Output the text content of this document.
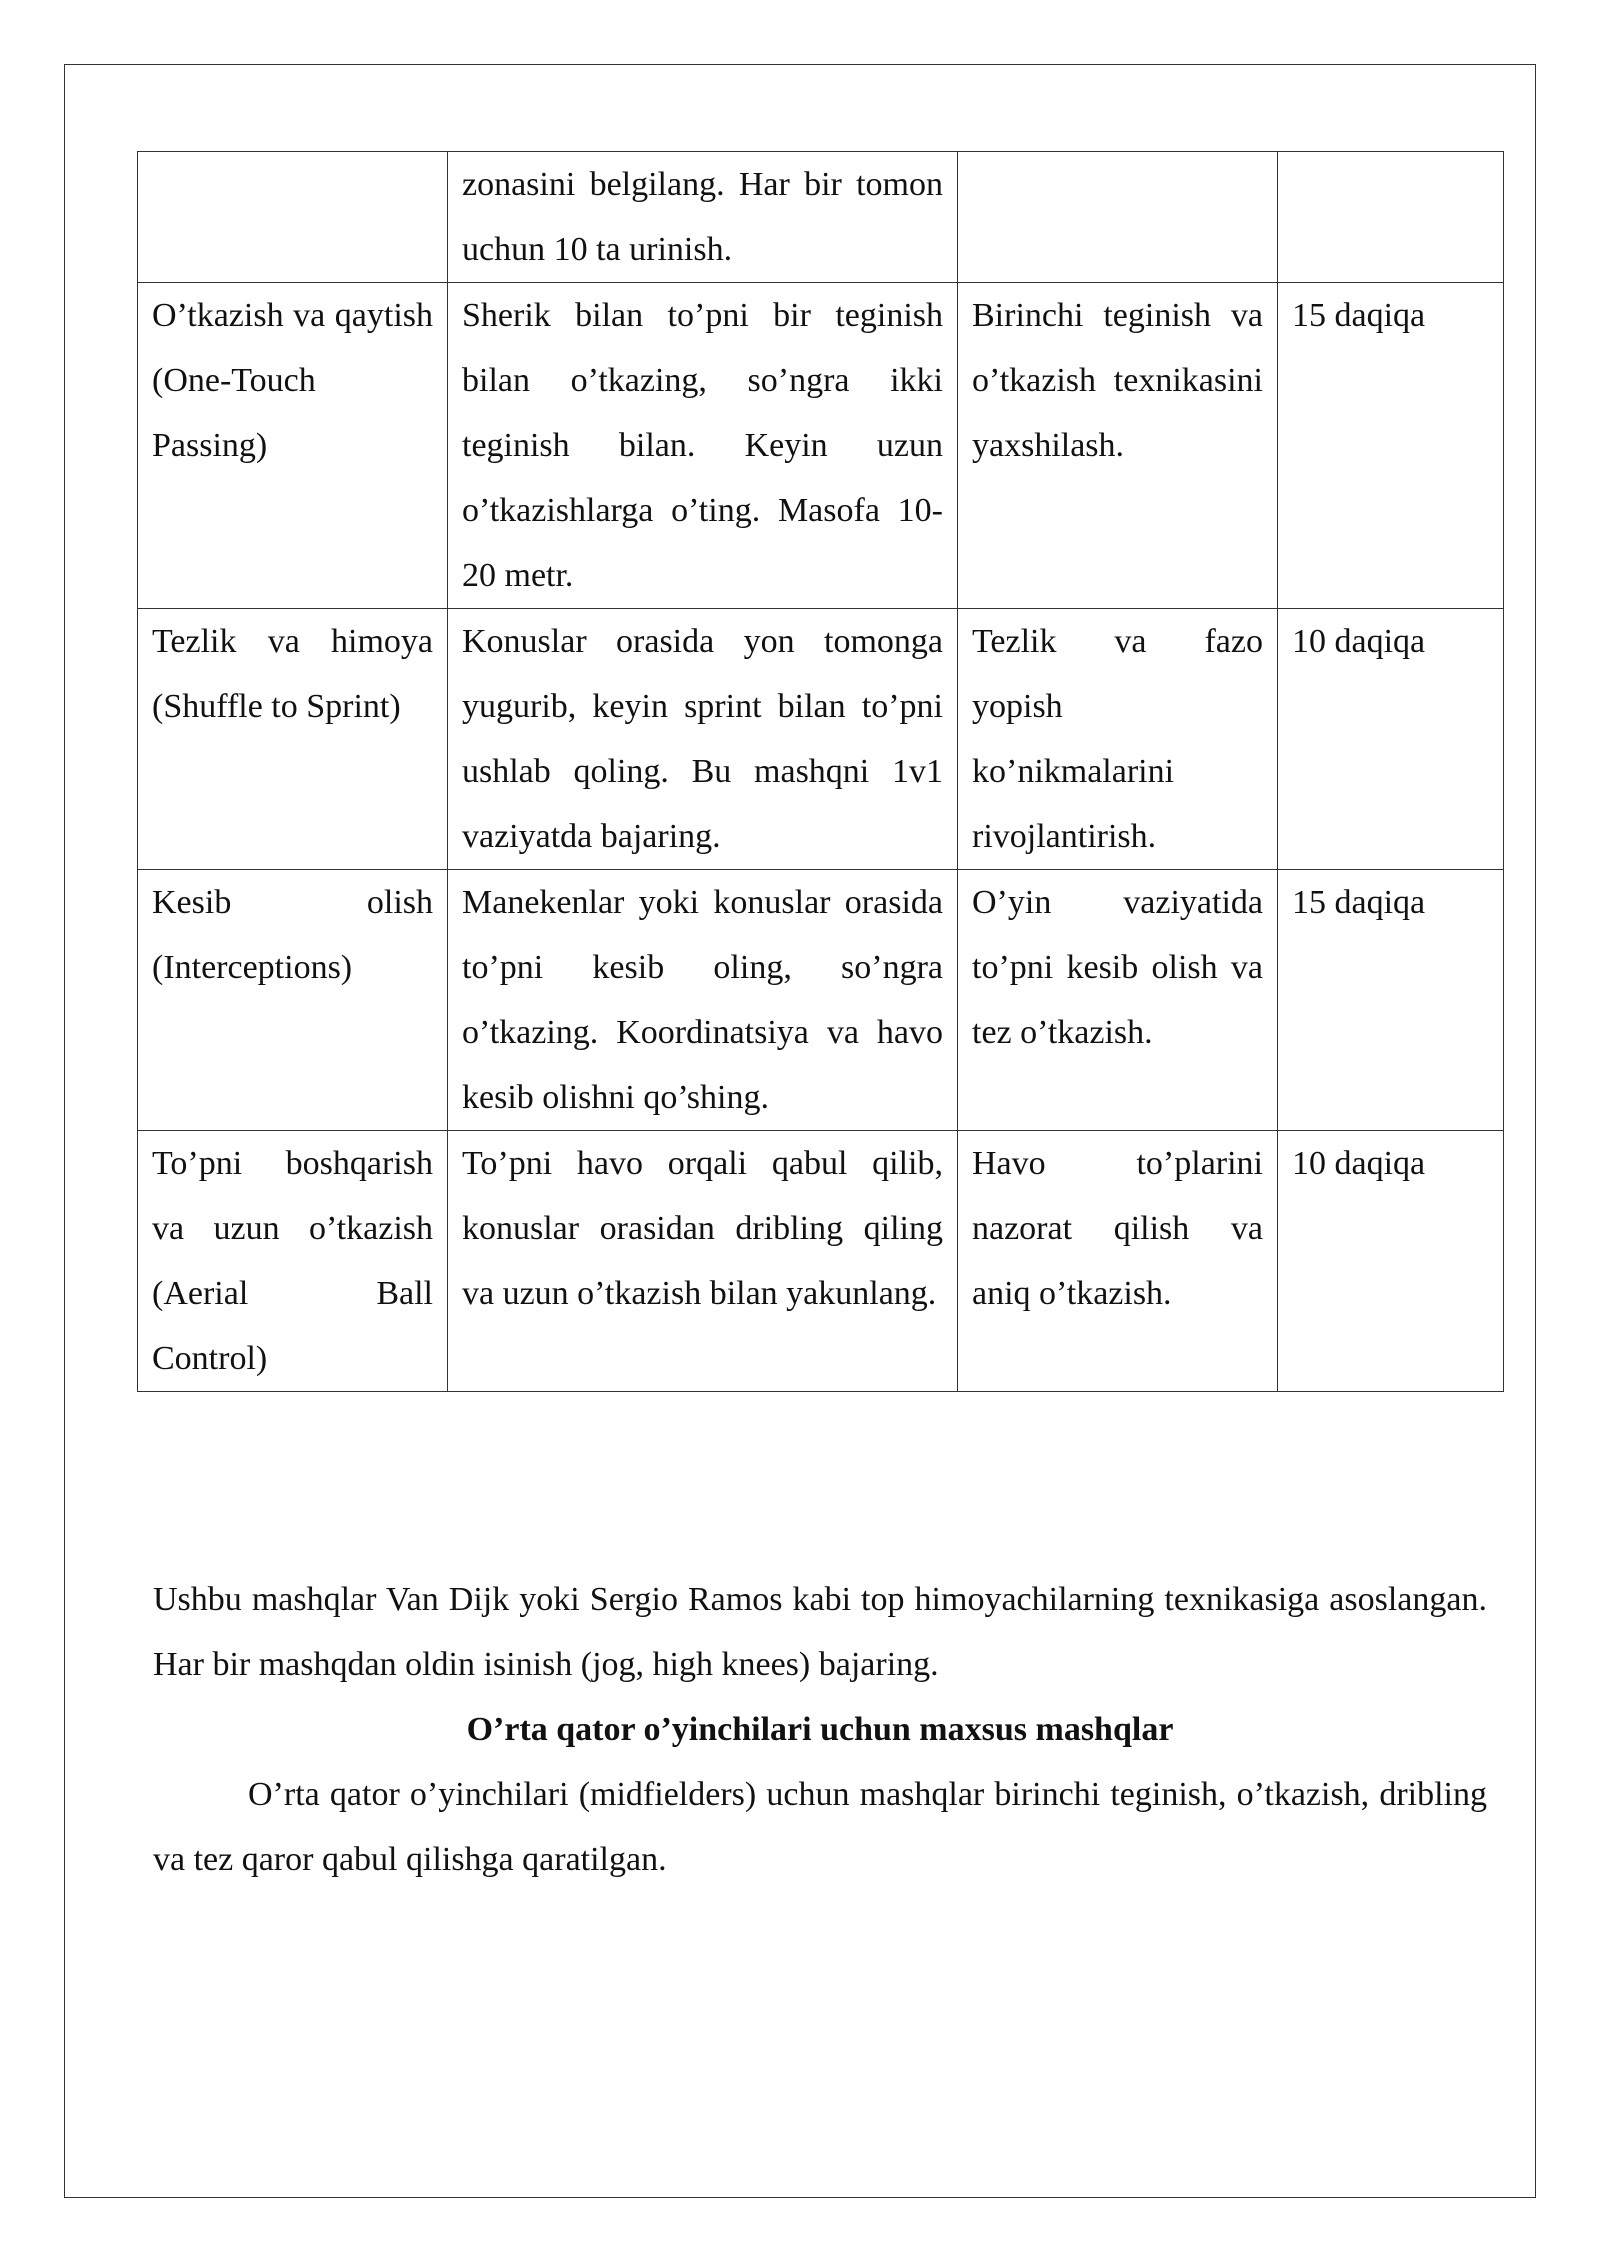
	zonasini belgilang. Har bir tomon uchun 10 ta urinish.		
O’tkazish va qaytish (One-Touch Passing)	Sherik bilan to’pni bir teginish bilan o’tkazing, so’ngra ikki teginish bilan. Keyin uzun o’tkazishlarga o’ting. Masofa 10-20 metr.	Birinchi teginish va o’tkazish texnikasini yaxshilash.	15 daqiqa
Tezlik va himoya (Shuffle to Sprint)	Konuslar orasida yon tomonga yugurib, keyin sprint bilan to’pni ushlab qoling. Bu mashqni 1v1 vaziyatda bajaring.	Tezlik va fazo yopish ko’nikmalarini rivojlantirish.	10 daqiqa
Kesib olish (Interceptions)	Manekenlar yoki konuslar orasida to’pni kesib oling, so’ngra o’tkazing. Koordinatsiya va havo kesib olishni qo’shing.	O’yin vaziyatida to’pni kesib olish va tez o’tkazish.	15 daqiqa
To’pni boshqarish va uzun o’tkazish (Aerial Ball Control)	To’pni havo orqali qabul qilib, konuslar orasidan dribling qiling va uzun o’tkazish bilan yakunlang.	Havo to’plarini nazorat qilish va aniq o’tkazish.	10 daqiqa

Ushbu mashqlar Van Dijk yoki Sergio Ramos kabi top himoyachilarning texnikasiga asoslangan. Har bir mashqdan oldin isinish (jog, high knees) bajaring.

O’rta qator o’yinchilari uchun maxsus mashqlar

O’rta qator o’yinchilari (midfielders) uchun mashqlar birinchi teginish, o’tkazish, dribling va tez qaror qabul qilishga qaratilgan.
